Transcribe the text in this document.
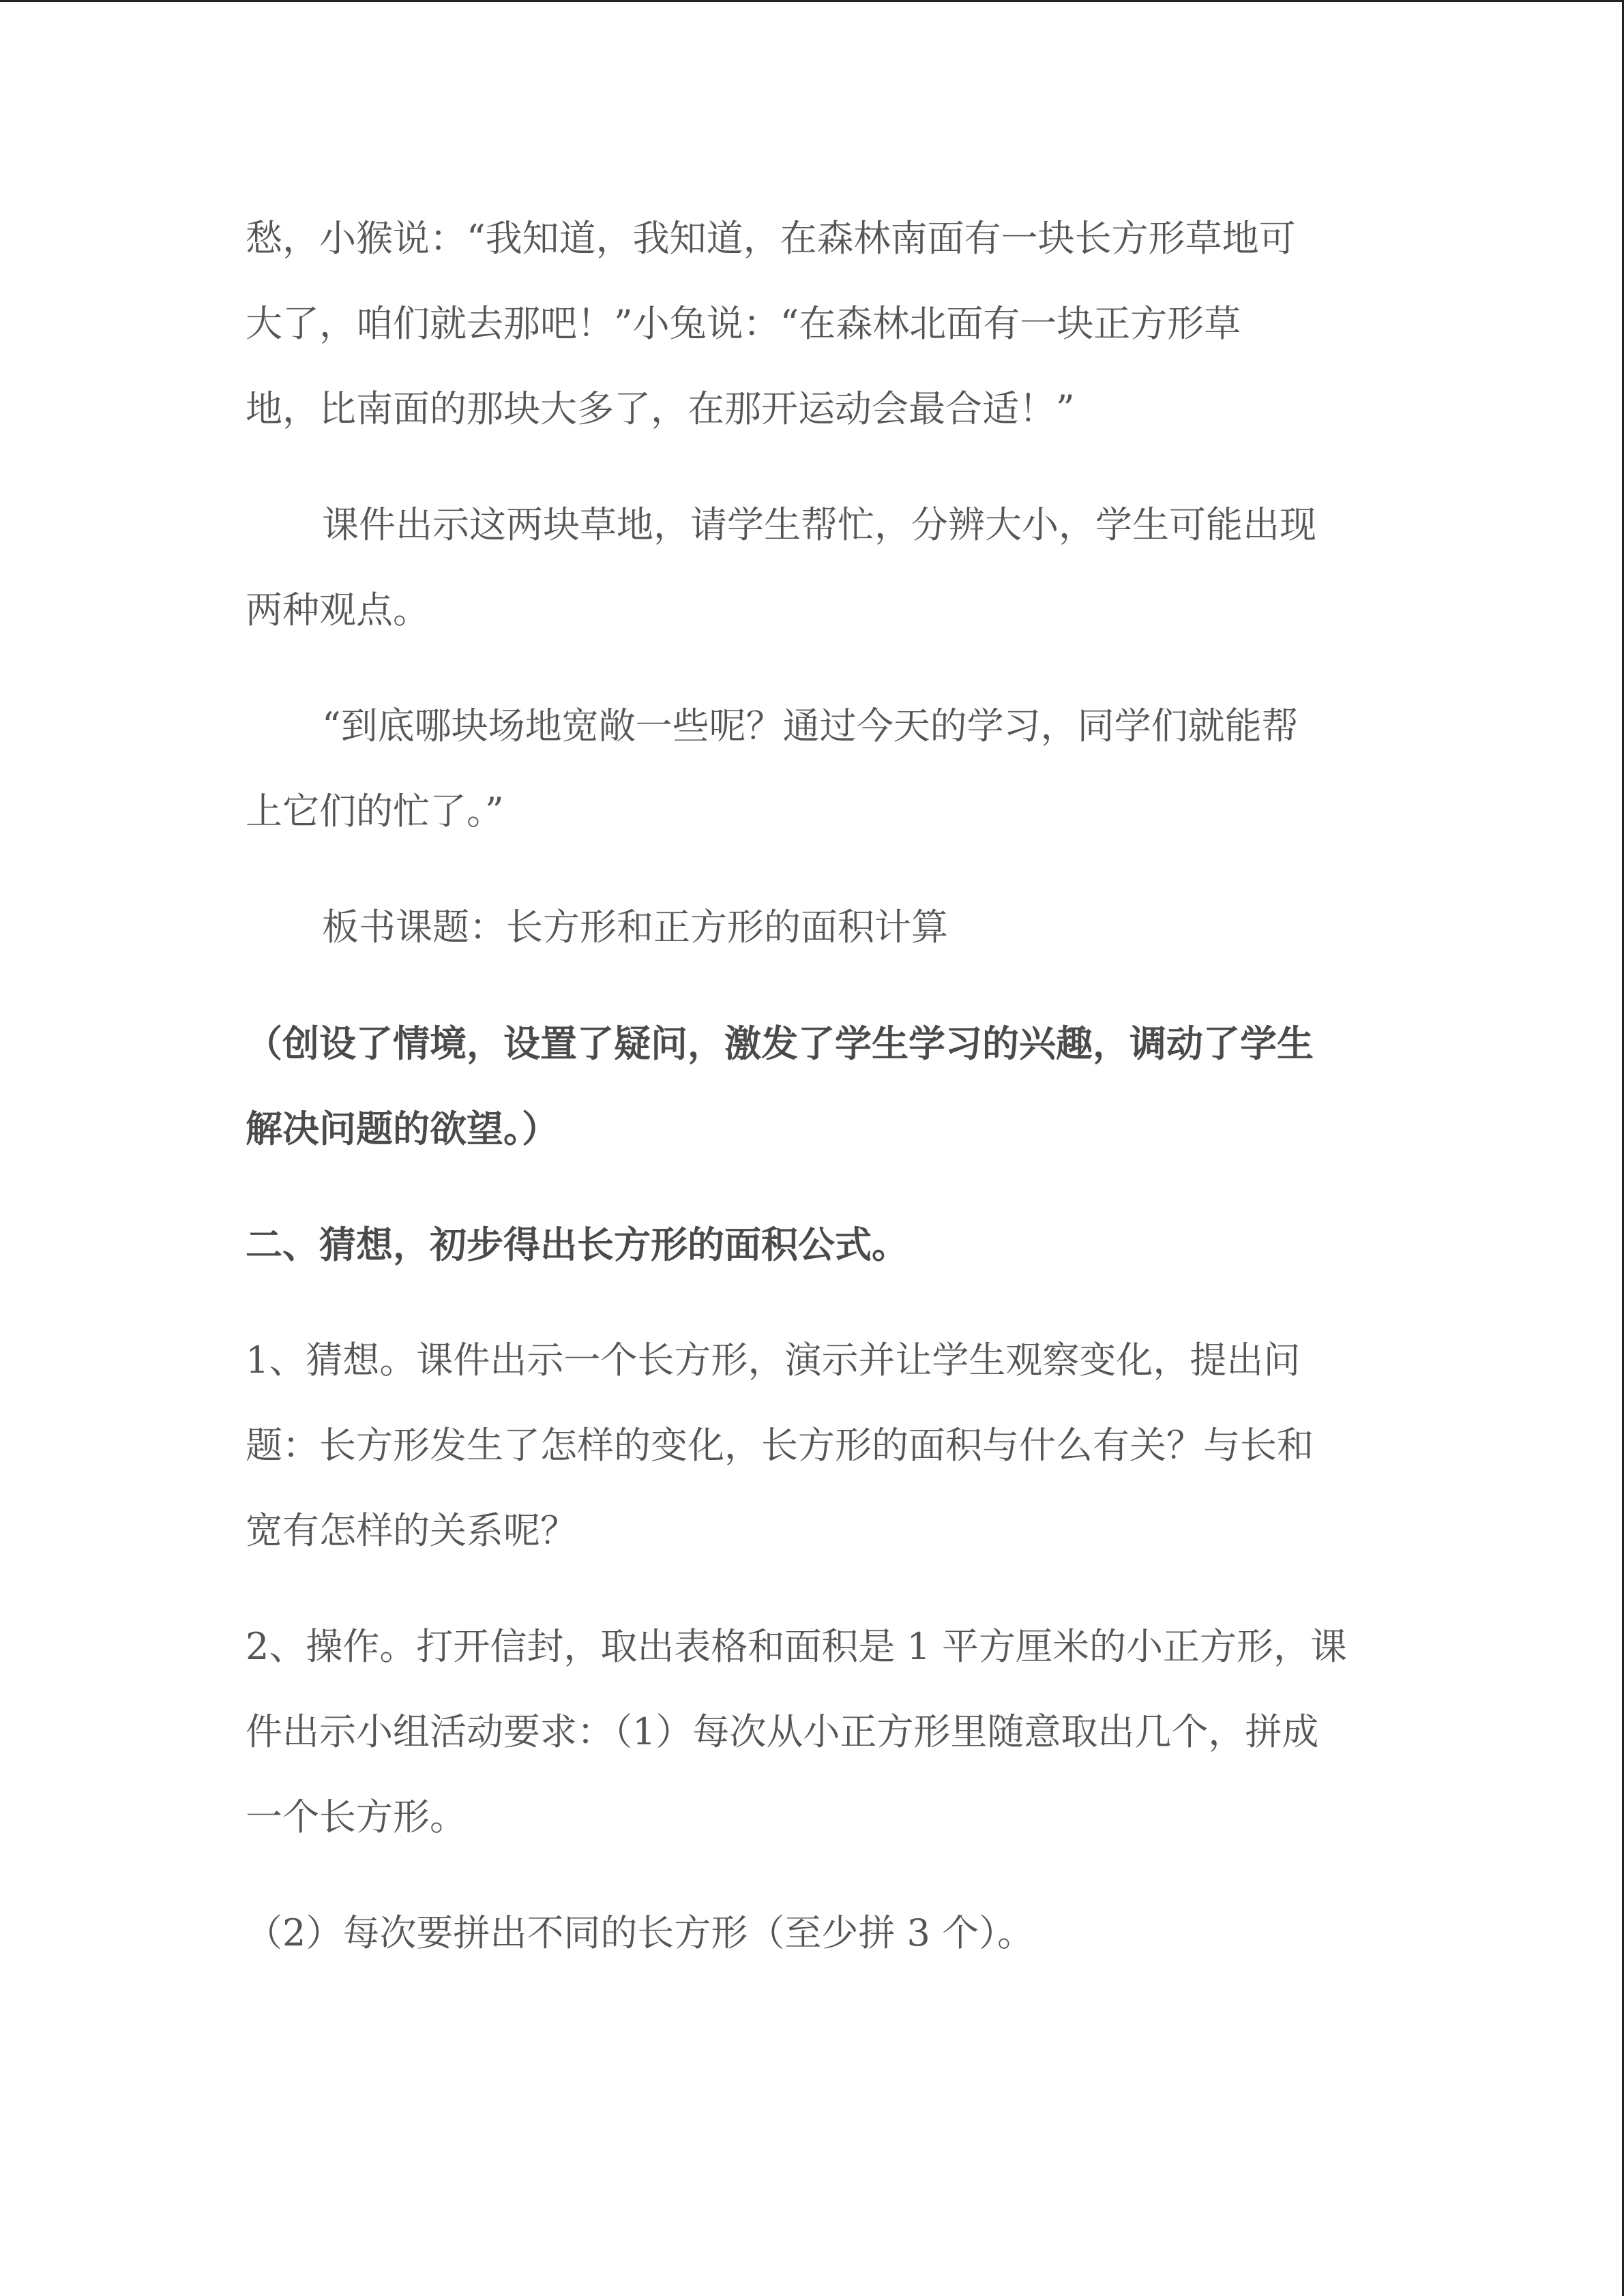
愁，小猴说：“我知道，我知道，在森林南面有一块长方形草地可
大了，咱们就去那吧！”小兔说：“在森林北面有一块正方形草
地，比南面的那块大多了，在那开运动会最合适！”
课件出示这两块草地，请学生帮忙，分辨大小，学生可能出现
两种观点。
“到底哪块场地宽敞一些呢？通过今天的学习，同学们就能帮
上它们的忙了。”
板书课题：长方形和正方形的面积计算
（创设了情境，设置了疑问，激发了学生学习的兴趣，调动了学生
解决问题的欲望。）
二、猜想，初步得出长方形的面积公式。
1、猜想。课件出示一个长方形，演示并让学生观察变化，提出问
题：长方形发生了怎样的变化，长方形的面积与什么有关？与长和
宽有怎样的关系呢？
2、操作。打开信封，取出表格和面积是 1 平方厘米的小正方形，课
件出示小组活动要求：（1）每次从小正方形里随意取出几个，拼成
一个长方形。
（2）每次要拼出不同的长方形（至少拼 3 个）。
